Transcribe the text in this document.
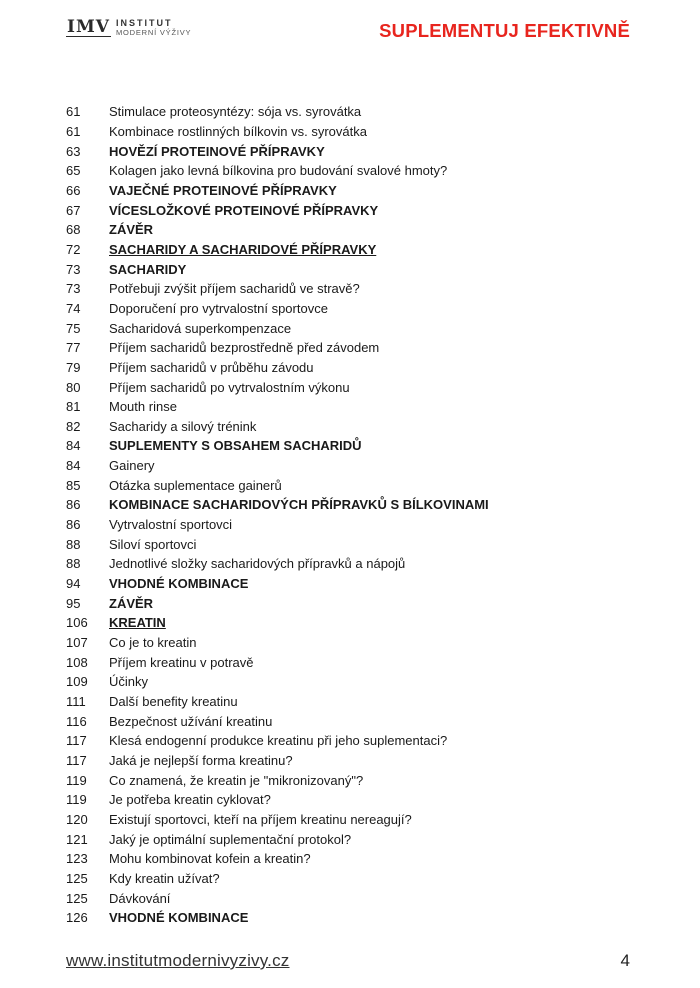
IMV INSTITUT
MODERNÍ VÝŽIVY	SUPLEMENTUJ EFEKTIVNĚ
61	Stimulace proteosyntézy: sója vs. syrovátka
61	Kombinace rostlinných bílkovin vs. syrovátka
63	HOVĚZÍ PROTEINOVÉ PŘÍPRAVKY
65	Kolagen jako levná bílkovina pro budování svalové hmoty?
66	VAJEČNÉ PROTEINOVÉ PŘÍPRAVKY
67	VÍCESLOŽKOVÉ PROTEINOVÉ PŘÍPRAVKY
68	ZÁVĚR
72	SACHARIDY A SACHARIDOVÉ PŘÍPRAVKY
73	SACHARIDY
73	Potřebuji zvýšit příjem sacharidů ve stravě?
74	Doporučení pro vytrvalostní sportovce
75	Sacharidová superkompenzace
77	Příjem sacharidů bezprostředně před závodem
79	Příjem sacharidů v průběhu závodu
80	Příjem sacharidů po vytrvalostním výkonu
81	Mouth rinse
82	Sacharidy a silový trénink
84	SUPLEMENTY S OBSAHEM SACHARIDŮ
84	Gainery
85	Otázka suplementace gainerů
86	KOMBINACE SACHARIDOVÝCH PŘÍPRAVKŮ S BÍLKOVINAMI
86	Vytrvalostní sportovci
88	Siloví sportovci
88	Jednotlivé složky sacharidových přípravků a nápojů
94	VHODNÉ KOMBINACE
95	ZÁVĚR
106	KREATIN
107	Co je to kreatin
108	Příjem kreatinu v potravě
109	Účinky
111	Další benefity kreatinu
116	Bezpečnost užívání kreatinu
117	Klesá endogenní produkce kreatinu při jeho suplementaci?
117	Jaká je nejlepší forma kreatinu?
119	Co znamená, že kreatin je "mikronizovaný"?
119	Je potřeba kreatin cyklovat?
120	Existují sportovci, kteří na příjem kreatinu nereagují?
121	Jaký je optimální suplementační protokol?
123	Mohu kombinovat kofein a kreatin?
125	Kdy kreatin užívat?
125	Dávkování
126	VHODNÉ KOMBINACE
www.institutmodernivyzivy.cz	4
